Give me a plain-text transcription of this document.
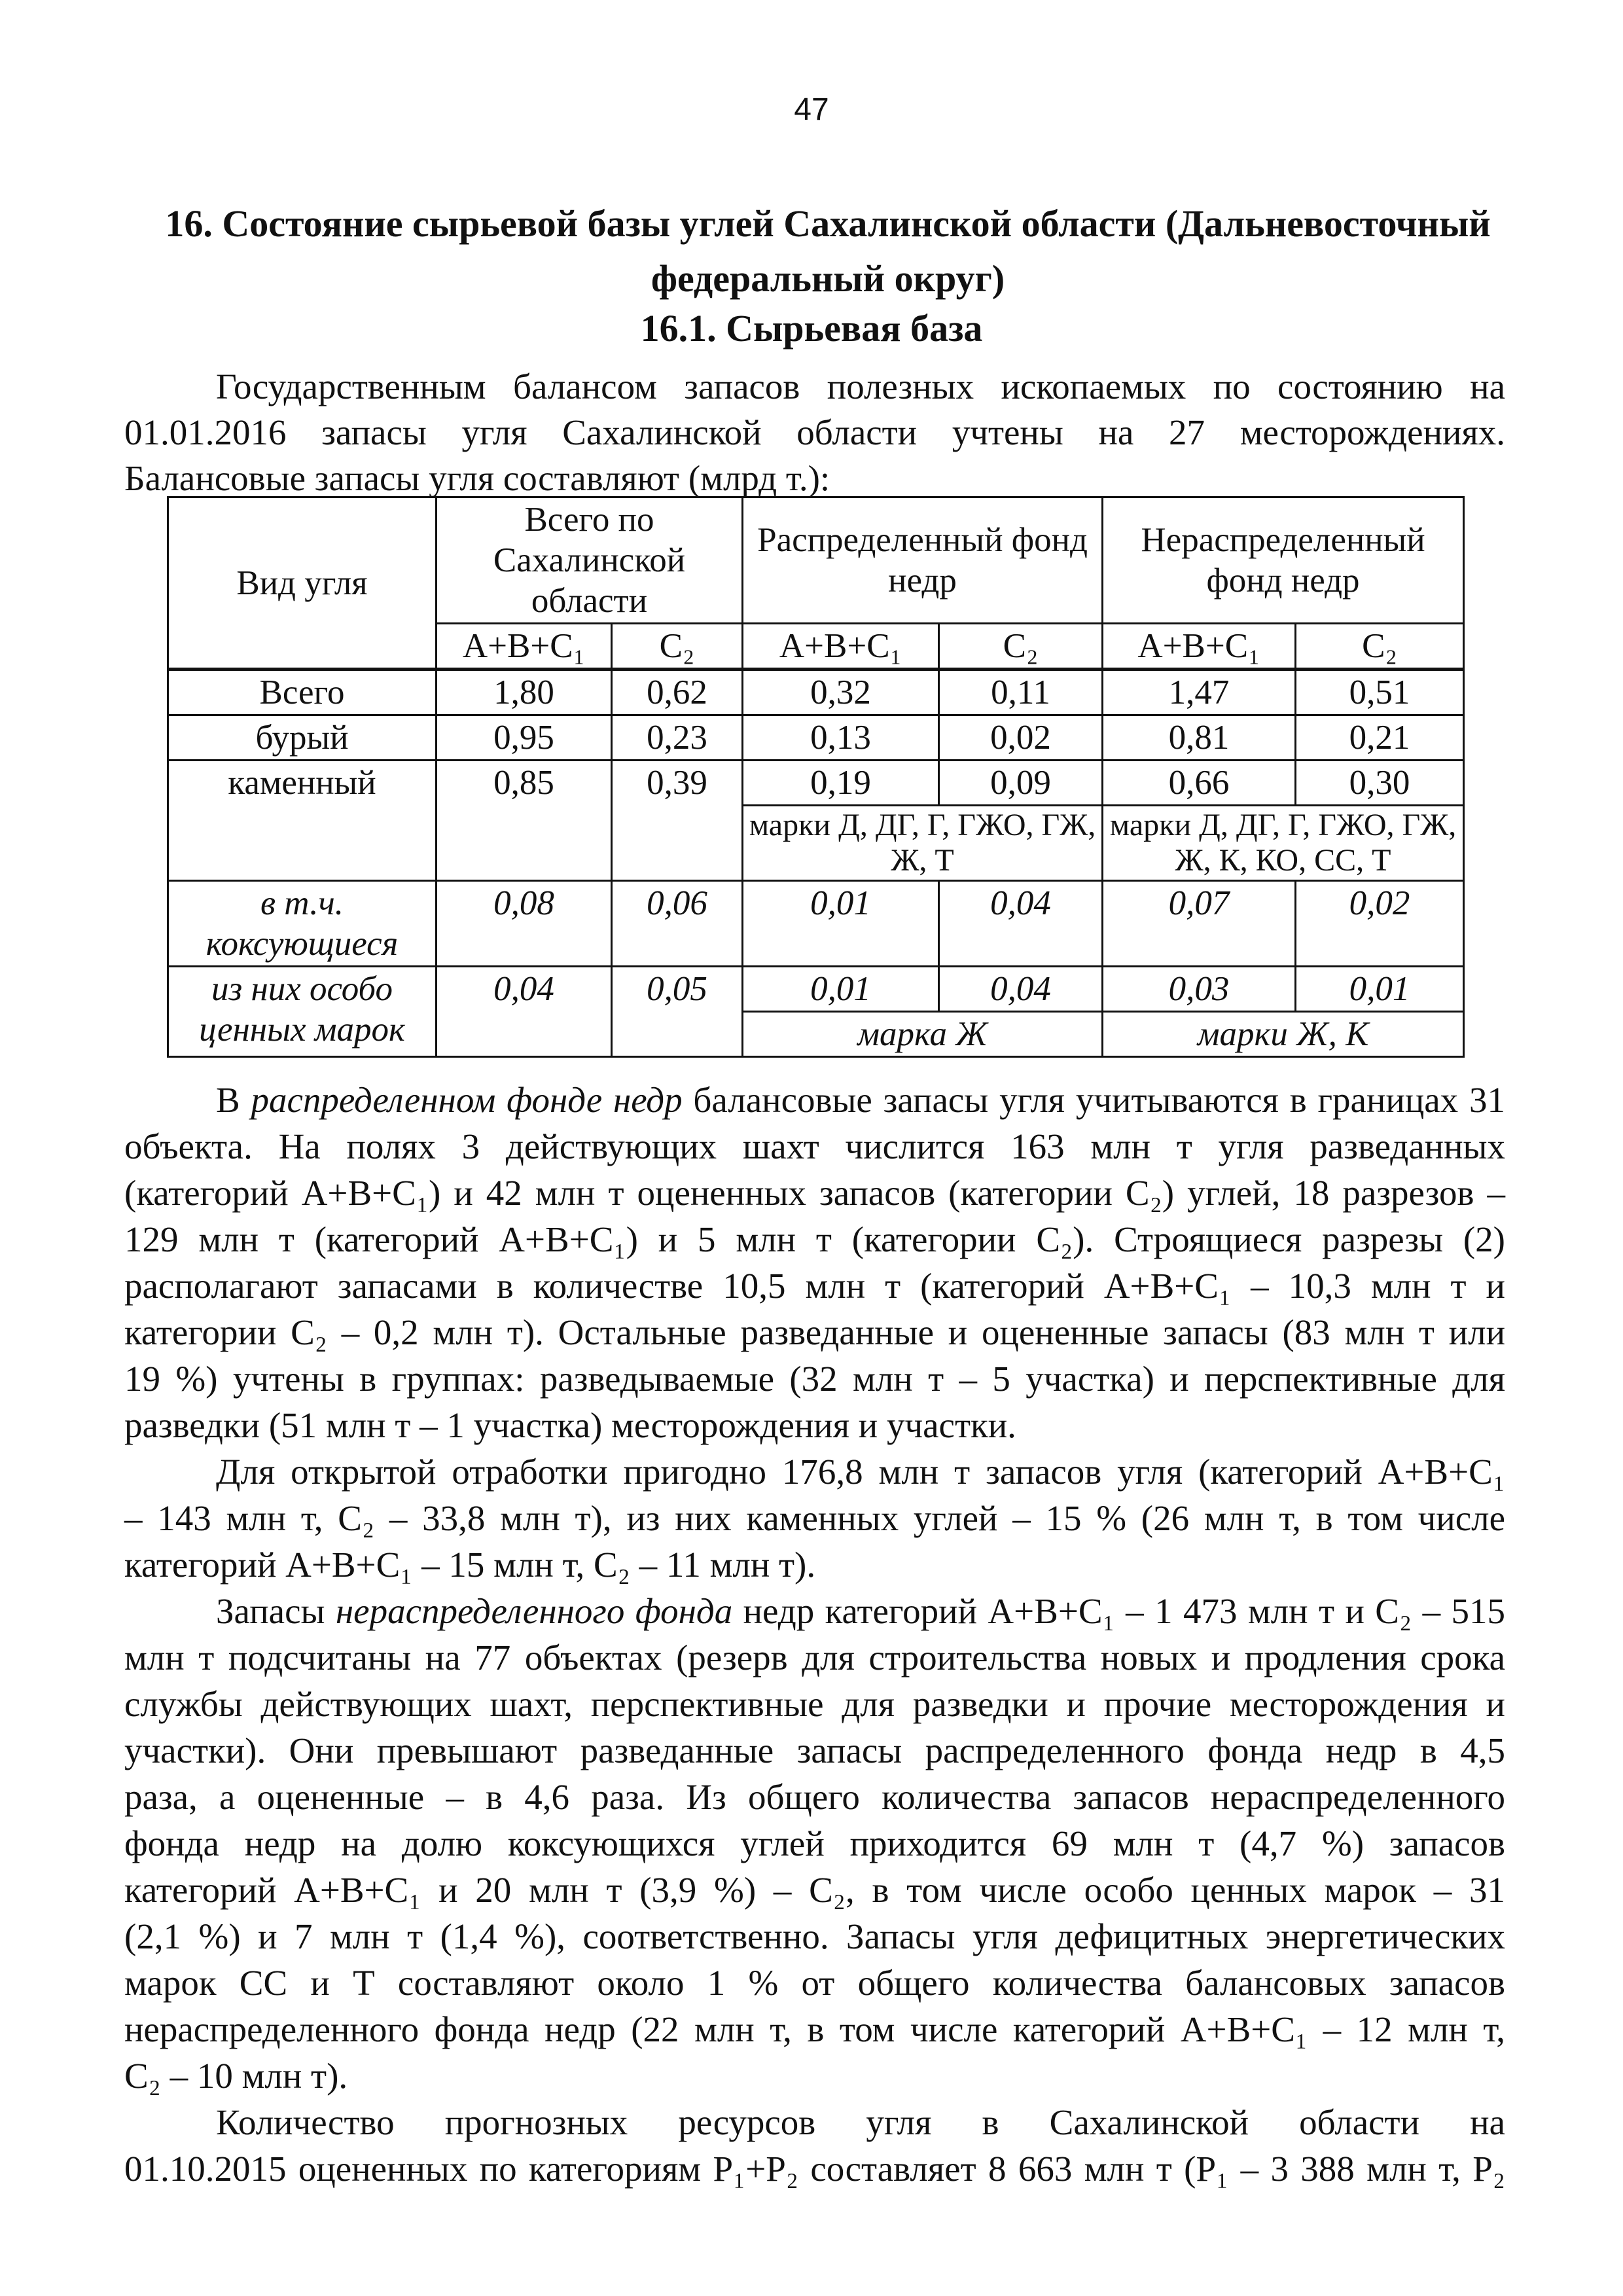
47
16. Состояние сырьевой базы углей Сахалинской области (Дальневосточный федеральный округ)
16.1. Сырьевая база
Государственным балансом запасов полезных ископаемых по состоянию на
01.01.2016 запасы угля Сахалинской области учтены на 27 месторождениях.
Балансовые запасы угля составляют (млрд т.):
Вид угля	Всего по Сахалинской области		Распределенный фонд недр		Нераспределенный фонд недр	
	А+В+С₁	С₂	А+В+С₁	С₂	А+В+С₁	С₂
Всего	1,80	0,62	0,32	0,11	1,47	0,51
бурый	0,95	0,23	0,13	0,02	0,81	0,21
каменный	0,85	0,39	0,19	0,09	0,66	0,30
			марки Д, ДГ, Г, ГЖО, ГЖ, Ж, Т		марки Д, ДГ, Г, ГЖО, ГЖ, Ж, К, КО, СС, Т	
в т.ч. коксующиеся	0,08	0,06	0,01	0,04	0,07	0,02
из них особо ценных марок	0,04	0,05	0,01	0,04	0,03	0,01
			марка Ж		марки Ж, К	

В распределенном фонде недр балансовые запасы угля учитываются в границах 31
объекта. На полях 3 действующих шахт числится 163 млн т угля разведанных
(категорий А+В+С₁) и 42 млн т оцененных запасов (категории С₂) углей, 18 разрезов –
129 млн т (категорий А+В+С₁) и 5 млн т (категории С₂). Строящиеся разрезы (2)
располагают запасами в количестве 10,5 млн т (категорий А+В+С₁ – 10,3 млн т и
категории С₂ – 0,2 млн т). Остальные разведанные и оцененные запасы (83 млн т или
19 %) учтены в группах: разведываемые (32 млн т – 5 участка) и перспективные для
разведки (51 млн т – 1 участка) месторождения и участки.

Для открытой отработки пригодно 176,8 млн т запасов угля (категорий А+В+С₁
– 143 млн т, С₂ – 33,8 млн т), из них каменных углей – 15 % (26 млн т, в том числе
категорий А+В+С₁ – 15 млн т, С₂ – 11 млн т).

Запасы нераспределенного фонда недр категорий А+В+С₁ – 1 473 млн т и С₂ – 515
млн т подсчитаны на 77 объектах (резерв для строительства новых и продления срока
службы действующих шахт, перспективные для разведки и прочие месторождения и
участки). Они превышают разведанные запасы распределенного фонда недр в 4,5
раза, а оцененные – в 4,6 раза. Из общего количества запасов нераспределенного
фонда недр на долю коксующихся углей приходится 69 млн т (4,7 %) запасов
категорий А+В+С₁ и 20 млн т (3,9 %) – С₂, в том числе особо ценных марок – 31
(2,1 %) и 7 млн т (1,4 %), соответственно. Запасы угля дефицитных энергетических
марок СС и Т составляют около 1 % от общего количества балансовых запасов
нераспределенного фонда недр (22 млн т, в том числе категорий А+В+С₁ – 12 млн т,
С₂ – 10 млн т).

Количество прогнозных ресурсов угля в Сахалинской области на
01.10.2015 оцененных по категориям Р₁+Р₂ составляет 8 663 млн т (Р₁ – 3 388 млн т, Р₂
